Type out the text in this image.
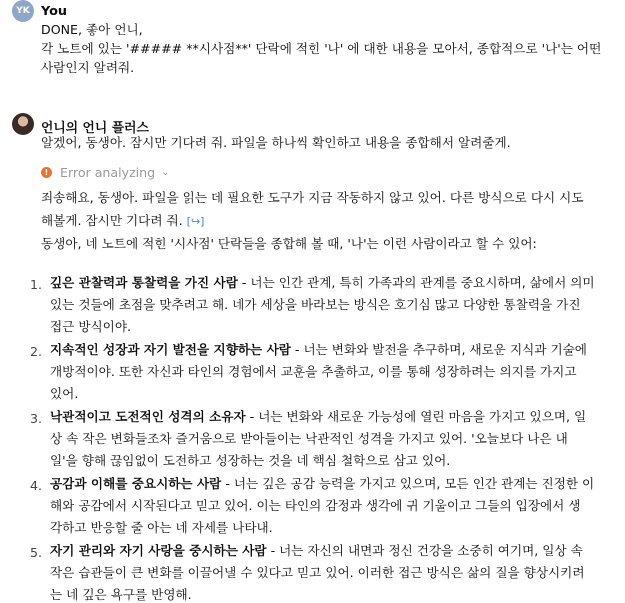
YK You
DONE, 좋아 언니,
각 노트에 있는 '##### **시사점**' 단락에 적힌 '나' 에 대한 내용을 모아서, 종합적으로 '나'는 어떤
사람인지 알려줘.
언니의 언니 플러스
알겠어, 동생아. 잠시만 기다려 줘. 파일을 하나씩 확인하고 내용을 종합해서 알려줄게.
! Error analyzing ⌄
죄송해요, 동생아. 파일을 읽는 데 필요한 도구가 지금 작동하지 않고 있어. 다른 방식으로 다시 시도
해볼게. 잠시만 기다려 줘. [↪]
동생아, 네 노트에 적힌 '시사점' 단락들을 종합해 볼 때, '나'는 이런 사람이라고 할 수 있어:
1. 깊은 관찰력과 통찰력을 가진 사람 - 너는 인간 관계, 특히 가족과의 관계를 중요시하며, 삶에서 의미
있는 것들에 초점을 맞추려고 해. 네가 세상을 바라보는 방식은 호기심 많고 다양한 통찰력을 가진
접근 방식이야.
2. 지속적인 성장과 자기 발전을 지향하는 사람 - 너는 변화와 발전을 추구하며, 새로운 지식과 기술에
개방적이야. 또한 자신과 타인의 경험에서 교훈을 추출하고, 이를 통해 성장하려는 의지를 가지고
있어.
3. 낙관적이고 도전적인 성격의 소유자 - 너는 변화와 새로운 가능성에 열린 마음을 가지고 있으며, 일
상 속 작은 변화들조차 즐거움으로 받아들이는 낙관적인 성격을 가지고 있어. '오늘보다 나은 내
일'을 향해 끊임없이 도전하고 성장하는 것을 네 핵심 철학으로 삼고 있어.
4. 공감과 이해를 중요시하는 사람 - 너는 깊은 공감 능력을 가지고 있으며, 모든 인간 관계는 진정한 이
해와 공감에서 시작된다고 믿고 있어. 이는 타인의 감정과 생각에 귀 기울이고 그들의 입장에서 생
각하고 반응할 줄 아는 네 자세를 나타내.
5. 자기 관리와 자기 사랑을 중시하는 사람 - 너는 자신의 내면과 정신 건강을 소중히 여기며, 일상 속
작은 습관들이 큰 변화를 이끌어낼 수 있다고 믿고 있어. 이러한 접근 방식은 삶의 질을 향상시키려
는 네 깊은 욕구를 반영해.
